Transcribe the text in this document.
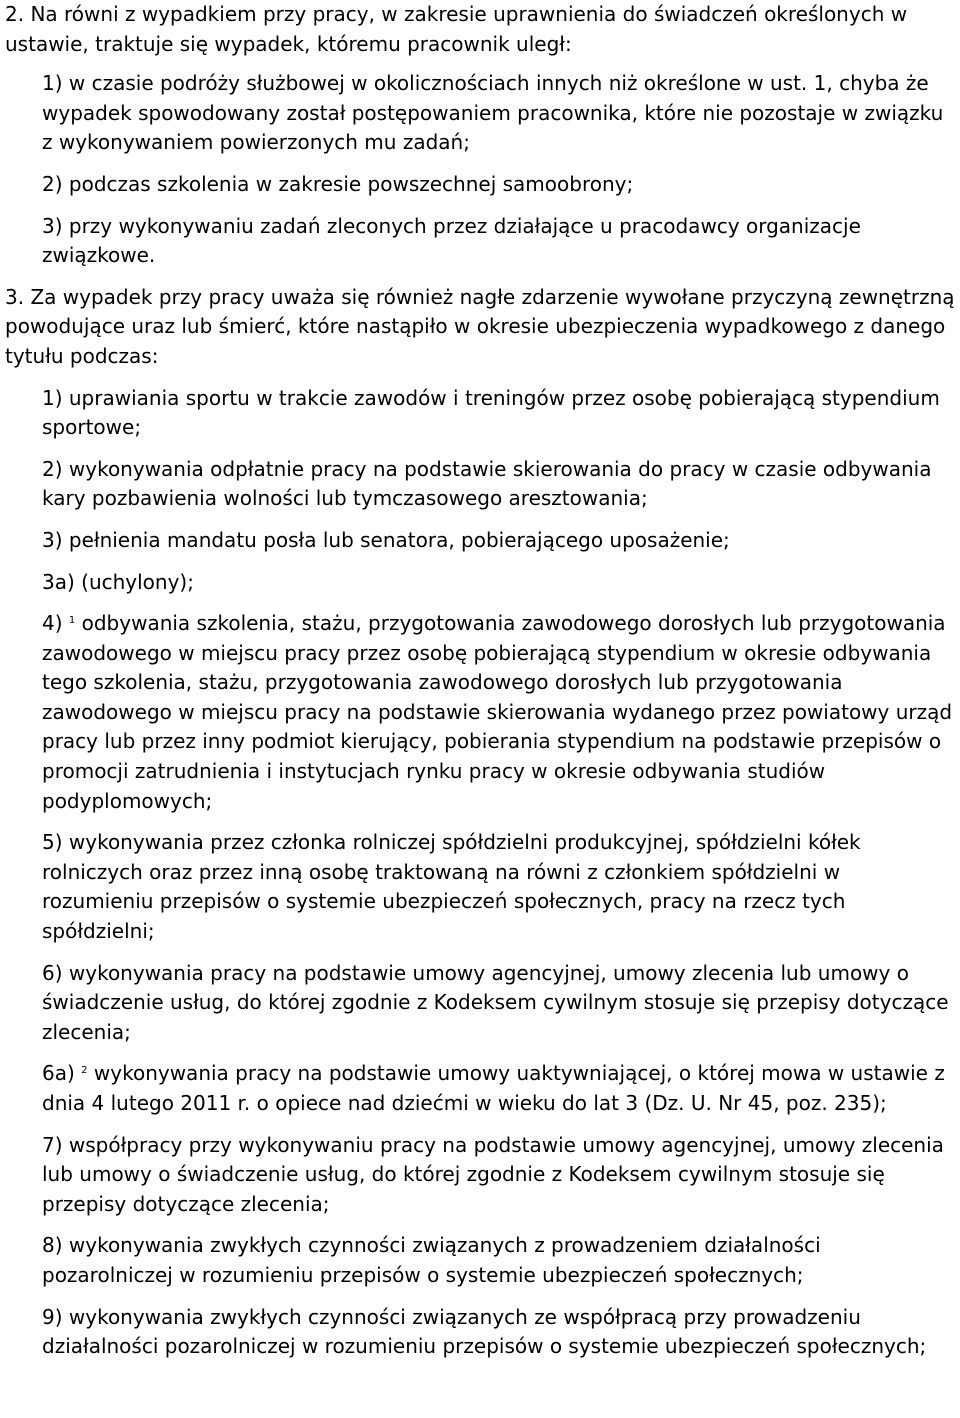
2. Na równi z wypadkiem przy pracy, w zakresie uprawnienia do świadczeń określonych w ustawie, traktuje się wypadek, któremu pracownik uległ:

1) w czasie podróży służbowej w okolicznościach innych niż określone w ust. 1, chyba że wypadek spowodowany został postępowaniem pracownika, które nie pozostaje w związku z wykonywaniem powierzonych mu zadań;

2) podczas szkolenia w zakresie powszechnej samoobrony;

3) przy wykonywaniu zadań zleconych przez działające u pracodawcy organizacje związkowe.

3. Za wypadek przy pracy uważa się również nagłe zdarzenie wywołane przyczyną zewnętrzną powodujące uraz lub śmierć, które nastąpiło w okresie ubezpieczenia wypadkowego z danego tytułu podczas:

1) uprawiania sportu w trakcie zawodów i treningów przez osobę pobierającą stypendium sportowe;

2) wykonywania odpłatnie pracy na podstawie skierowania do pracy w czasie odbywania kary pozbawienia wolności lub tymczasowego aresztowania;

3) pełnienia mandatu posła lub senatora, pobierającego uposażenie;

3a) (uchylony);

4) $^1$ odbywania szkolenia, stażu, przygotowania zawodowego dorosłych lub przygotowania zawodowego w miejscu pracy przez osobę pobierającą stypendium w okresie odbywania tego szkolenia, stażu, przygotowania zawodowego dorosłych lub przygotowania zawodowego w miejscu pracy na podstawie skierowania wydanego przez powiatowy urząd pracy lub przez inny podmiot kierujący, pobierania stypendium na podstawie przepisów o promocji zatrudnienia i instytucjach rynku pracy w okresie odbywania studiów podyplomowych;

5) wykonywania przez członka rolniczej spółdzielni produkcyjnej, spółdzielni kółek rolniczych oraz przez inną osobę traktowaną na równi z członkiem spółdzielni w rozumieniu przepisów o systemie ubezpieczeń społecznych, pracy na rzecz tych spółdzielni;

6) wykonywania pracy na podstawie umowy agencyjnej, umowy zlecenia lub umowy o świadczenie usług, do której zgodnie z Kodeksem cywilnym stosuje się przepisy dotyczące zlecenia;

6a) $^2$ wykonywania pracy na podstawie umowy uaktywniającej, o której mowa w ustawie z dnia 4 lutego 2011 r. o opiece nad dziećmi w wieku do lat 3 (Dz. U. Nr 45, poz. 235);

7) współpracy przy wykonywaniu pracy na podstawie umowy agencyjnej, umowy zlecenia lub umowy o świadczenie usług, do której zgodnie z Kodeksem cywilnym stosuje się przepisy dotyczące zlecenia;

8) wykonywania zwykłych czynności związanych z prowadzeniem działalności pozarolniczej w rozumieniu przepisów o systemie ubezpieczeń społecznych;

9) wykonywania zwykłych czynności związanych ze współpracą przy prowadzeniu działalności pozarolniczej w rozumieniu przepisów o systemie ubezpieczeń społecznych;
